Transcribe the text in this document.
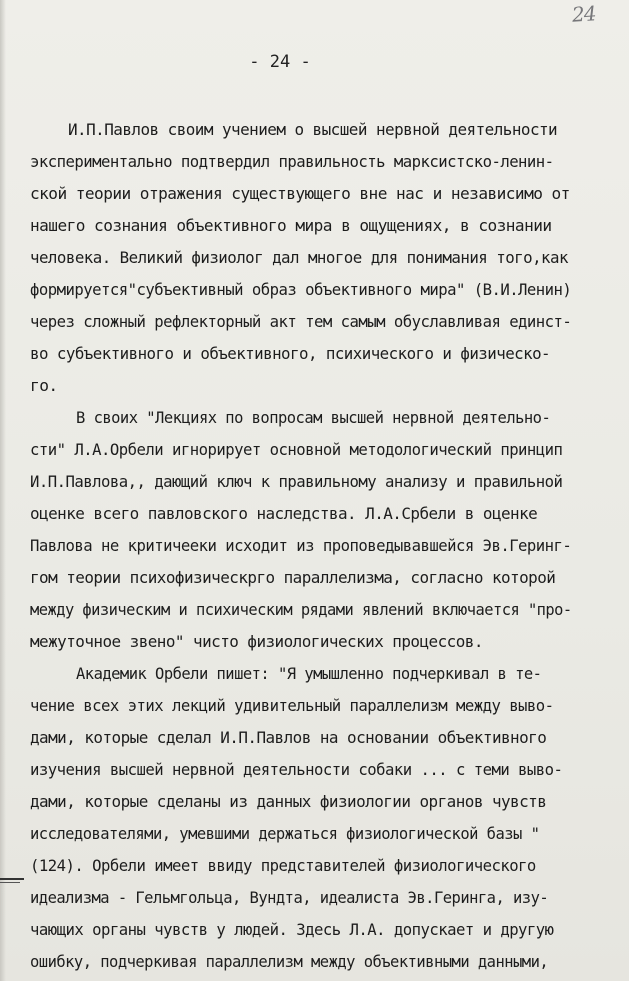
24
- 24 -
И.П.Павлов своим учением о высшей нервной деятельности
экспериментально подтвердил правильность марксистско-ленин-
ской теории отражения существующего вне нас и независимо от
нашего сознания объективного мира в ощущениях, в сознании
человека. Великий физиолог дал многое для понимания того,как
формируется"субъективный образ объективного мира" (В.И.Ленин)
через сложный рефлекторный акт тем самым обуславливая единст-
во субъективного и объективного, психического и физическо-
го.
В своих "Лекциях по вопросам высшей нервной деятельно-
сти" Л.А.Орбели игнорирует основной методологический принцип
И.П.Павлова,, дающий ключ к правильному анализу и правильной
оценке всего павловского наследства. Л.А.Србели в оценке
Павлова не критичееки исходит из проповедывавшейся Эв.Геринг-
гом теории психофизическрго параллелизма, согласно которой
между физическим и психическим рядами явлений включается "про-
межуточное звено" чисто физиологических процессов.
Академик Орбели пишет: "Я умышленно подчеркивал в те-
чение всех этих лекций удивительный параллелизм между выво-
дами, которые сделал И.П.Павлов на основании объективного
изучения высшей нервной деятельности собаки ... с теми выво-
дами, которые сделаны из данных физиологии органов чувств
исследователями, умевшими держаться физиологической базы "
(124). Орбели имеет ввиду представителей физиологического
идеализма - Гельмгольца, Вундта, идеалиста Эв.Геринга, изу-
чающих органы чувств у людей. Здесь Л.А. допускает и другую
ошибку, подчеркивая параллелизм между объективными данными,
